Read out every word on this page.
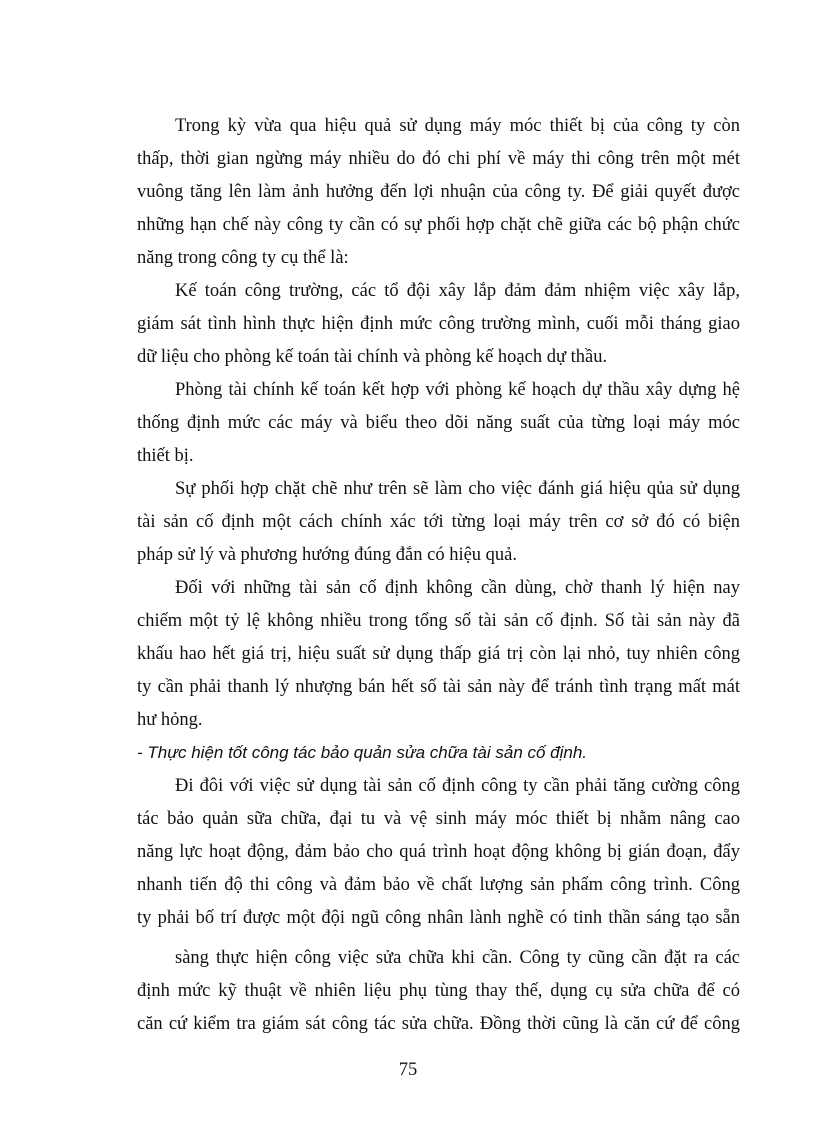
Trong kỳ vừa qua hiệu quả sử dụng máy móc thiết bị của công ty còn
thấp, thời gian ngừng máy nhiều do đó chi phí về máy thi công trên một mét
vuông tăng lên làm ảnh hưởng đến lợi nhuận của công ty. Để giải quyết được
những hạn chế này công ty cần có sự phối hợp chặt chẽ giữa các bộ phận chức
năng trong công ty cụ thể là:
Kế toán công trường, các tổ đội xây lắp đảm đảm nhiệm việc xây lắp,
giám sát tình hình thực hiện định mức công trường mình, cuối mỗi tháng giao
dữ liệu cho phòng kế toán tài chính và phòng kế hoạch dự thầu.
Phòng tài chính kế toán kết hợp với phòng kế hoạch dự thầu xây dựng hệ
thống định mức các máy và biểu theo dõi năng suất của từng loại máy móc
thiết bị.
Sự phối hợp chặt chẽ như trên sẽ làm cho việc đánh giá hiệu qủa sử dụng
tài sản cố định một cách chính xác tới từng loại máy trên cơ sở đó có biện
pháp sử lý và phương hướng đúng đắn có hiệu quả.
Đối với những tài sản cố định không cần dùng, chờ thanh lý hiện nay
chiếm một tỷ lệ không nhiều trong tổng số tài sản cố định. Số tài sản này đã
khấu hao hết giá trị, hiệu suất sử dụng thấp giá trị còn lại nhỏ, tuy nhiên công
ty cần phải thanh lý nhượng bán hết số tài sản này để tránh tình trạng mất mát
hư hỏng.
- Thực hiện tốt công tác bảo quản sửa chữa tài sản cố định.
Đi đôi với việc sử dụng tài sản cố định công ty cần phải tăng cường công
tác bảo quản sữa chữa, đại tu và vệ sinh máy móc thiết bị nhằm nâng cao
năng lực hoạt động, đảm bảo cho quá trình hoạt động không bị gián đoạn, đẩy
nhanh tiến độ thi công và đảm bảo về chất lượng sản phẩm công trình. Công
ty phải bố trí được một đội ngũ công nhân lành nghề có tinh thần sáng tạo sẵn
sàng thực hiện công việc sửa chữa khi cần. Công ty cũng cần đặt ra các
định mức kỹ thuật về nhiên liệu phụ tùng thay thế, dụng cụ sửa chữa để có
căn cứ kiểm tra giám sát công tác sửa chữa. Đồng thời cũng là căn cứ để công
75
